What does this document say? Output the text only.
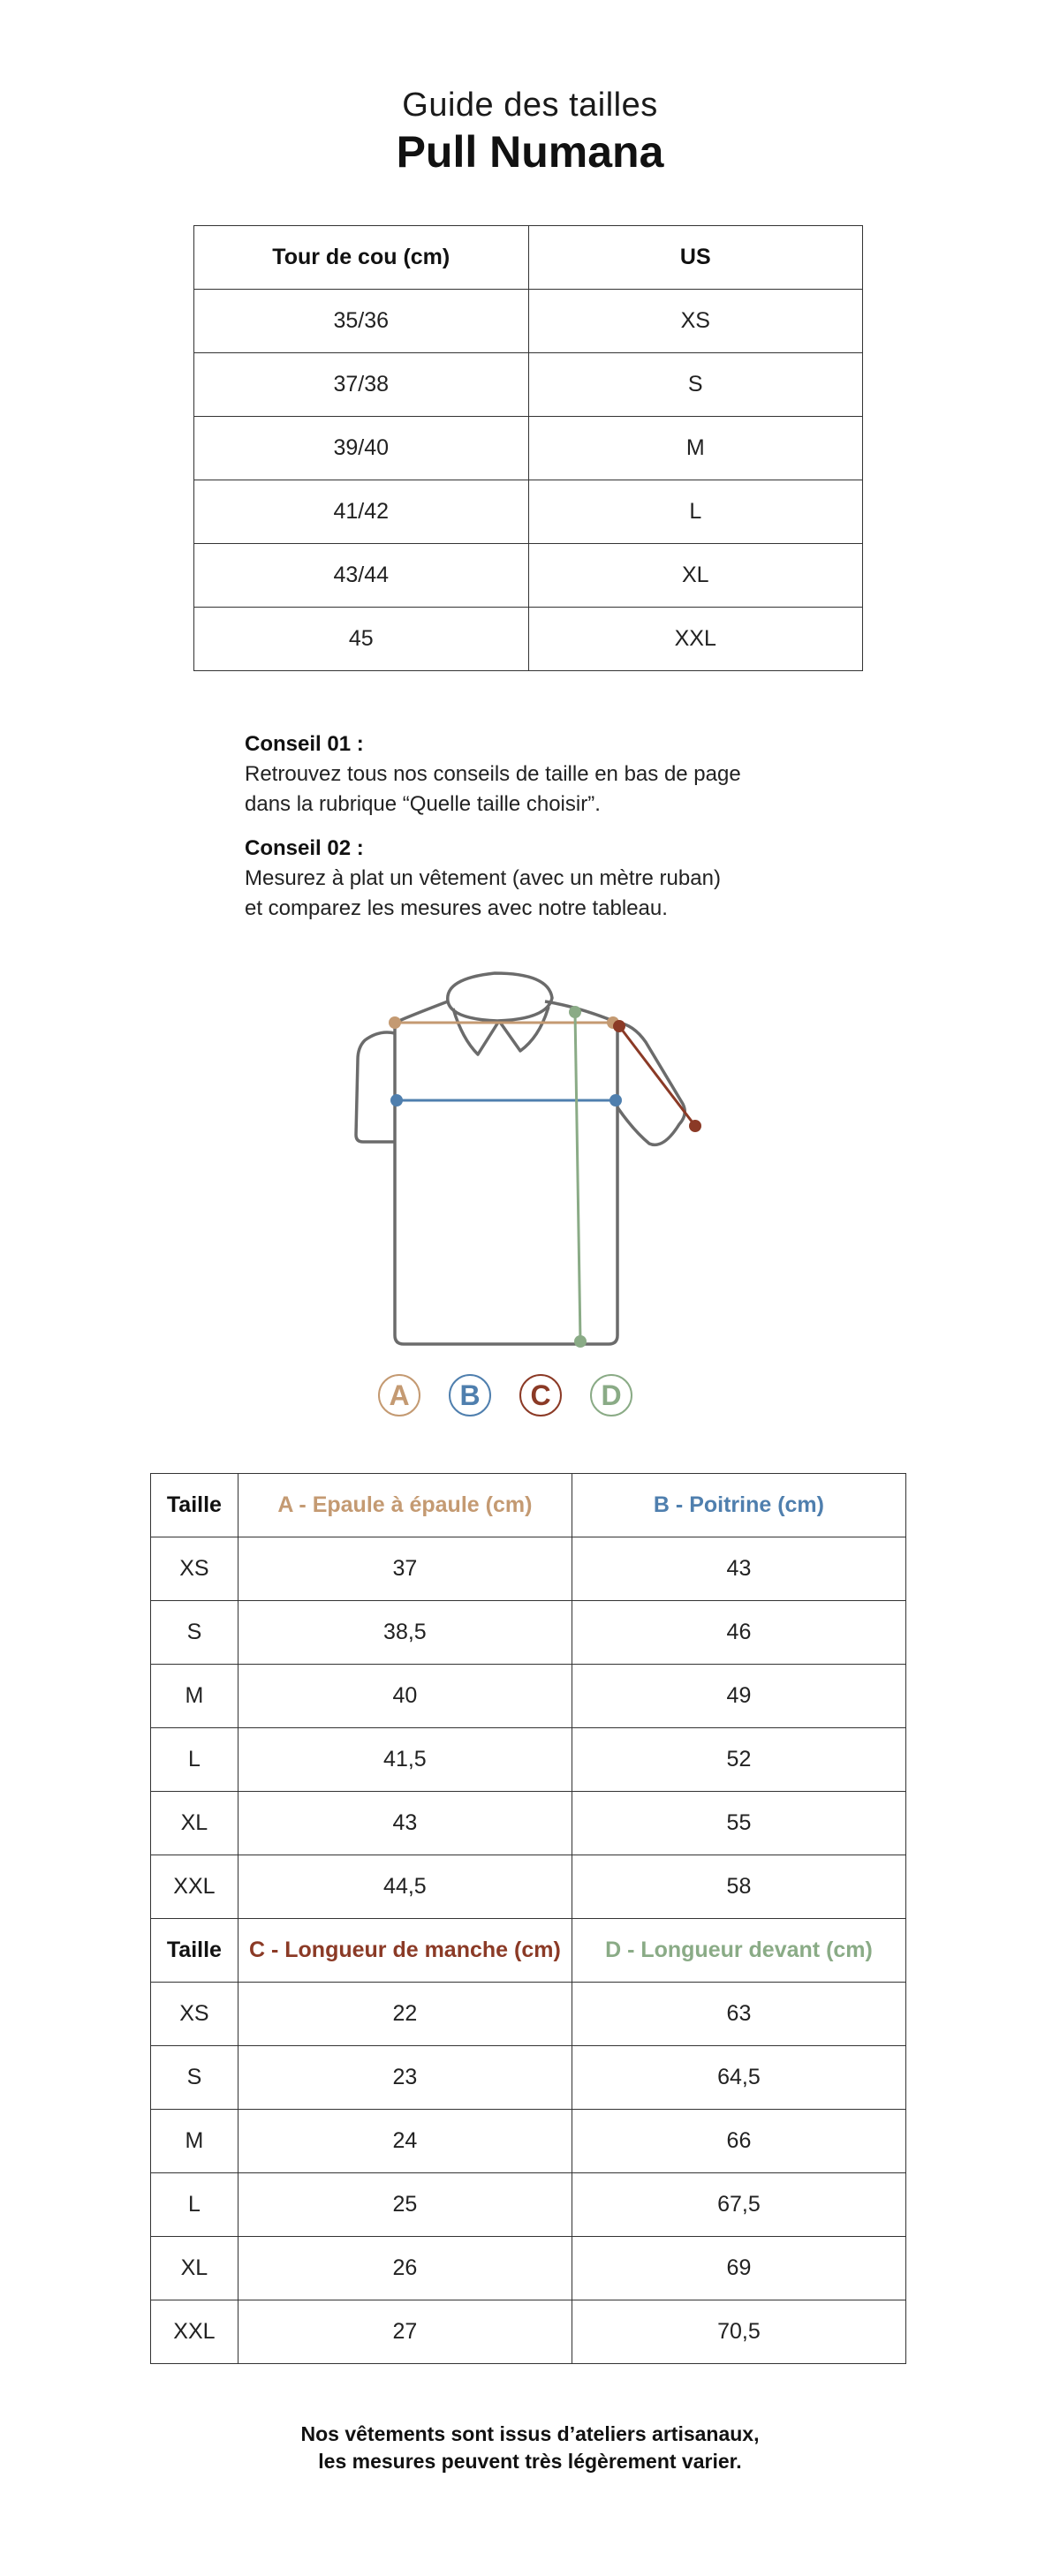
Guide des tailles
Pull Numana
Tour de cou (cm)	US
35/36	XS
37/38	S
39/40	M
41/42	L
43/44	XL
45	XXL
Conseil 01 :
Retrouvez tous nos conseils de taille en bas de page
dans la rubrique “Quelle taille choisir”.
Conseil 02 :
Mesurez à plat un vêtement (avec un mètre ruban)
et comparez les mesures avec notre tableau.
A	B	C	D
Taille	A - Epaule à épaule (cm)	B - Poitrine (cm)
XS	37	43
S	38,5	46
M	40	49
L	41,5	52
XL	43	55
XXL	44,5	58
Taille	C - Longueur de manche (cm)	D - Longueur devant (cm)
XS	22	63
S	23	64,5
M	24	66
L	25	67,5
XL	26	69
XXL	27	70,5
Nos vêtements sont issus d’ateliers artisanaux,
les mesures peuvent très légèrement varier.
